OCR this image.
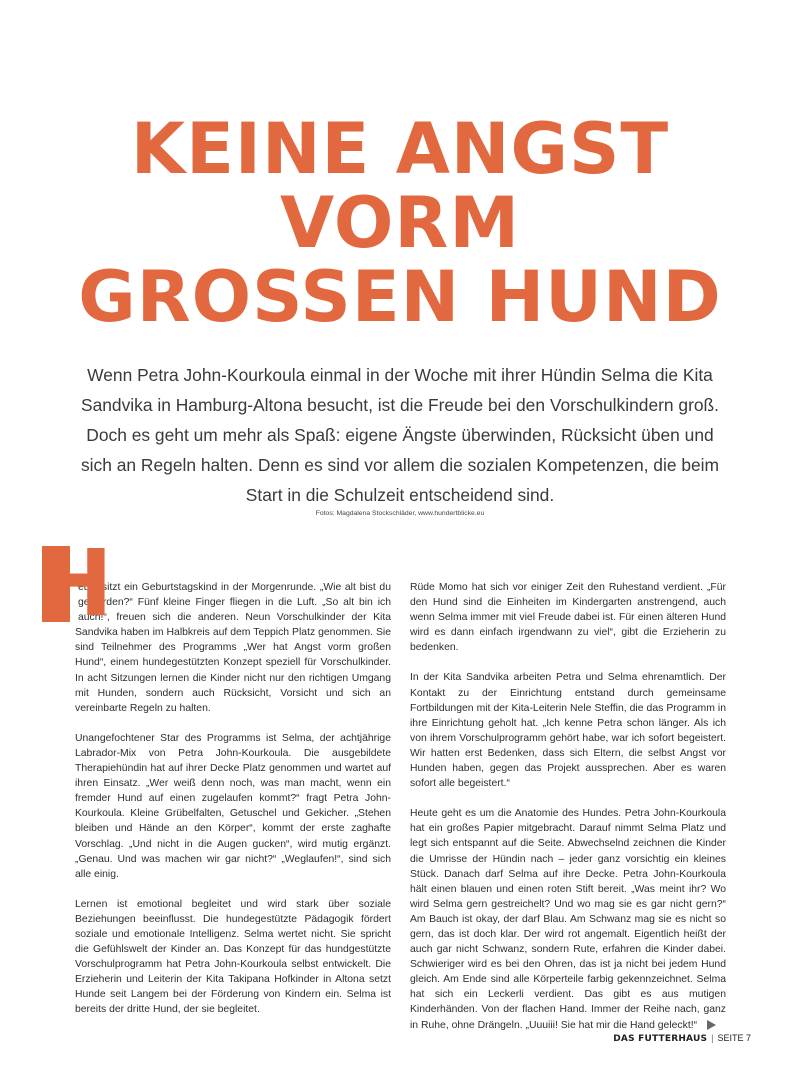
KEINE ANGST
VORM
GROSSEN HUND

Wenn Petra John-Kourkoula einmal in der Woche mit ihrer Hündin Selma die Kita Sandvika in Hamburg-Altona besucht, ist die Freude bei den Vorschulkindern groß. Doch es geht um mehr als Spaß: eigene Ängste überwinden, Rücksicht üben und sich an Regeln halten. Denn es sind vor allem die sozialen Kompetenzen, die beim Start in die Schulzeit entscheidend sind.

Fotos: Magdalena Stockschläder, www.hundertblicke.eu

H
eute sitzt ein Geburtstagskind in der Morgenrunde. „Wie alt bist du geworden?“ Fünf kleine Finger fliegen in die Luft. „So alt bin ich auch!“, freuen sich die anderen. Neun Vorschulkinder der Kita Sandvika haben im Halbkreis auf dem Teppich Platz genommen. Sie sind Teilnehmer des Programms „Wer hat Angst vorm großen Hund“, einem hundegestützten Konzept speziell für Vorschulkinder. In acht Sitzungen lernen die Kinder nicht nur den richtigen Umgang mit Hunden, sondern auch Rücksicht, Vorsicht und sich an vereinbarte Regeln zu halten.

Unangefochtener Star des Programms ist Selma, der achtjährige Labrador-Mix von Petra John-Kourkoula. Die ausgebildete Therapiehündin hat auf ihrer Decke Platz genommen und wartet auf ihren Einsatz. „Wer weiß denn noch, was man macht, wenn ein fremder Hund auf einen zugelaufen kommt?“ fragt Petra John-Kourkoula. Kleine Grübelfalten, Getuschel und Gekicher. „Stehen bleiben und Hände an den Körper“, kommt der erste zaghafte Vorschlag. „Und nicht in die Augen gucken“, wird mutig ergänzt. „Genau. Und was machen wir gar nicht?“ „Weglaufen!“, sind sich alle einig.

Lernen ist emotional begleitet und wird stark über soziale Beziehungen beeinflusst. Die hundegestützte Pädagogik fördert soziale und emotionale Intelligenz. Selma wertet nicht. Sie spricht die Gefühlswelt der Kinder an. Das Konzept für das hundgestützte Vorschulprogramm hat Petra John-Kourkoula selbst entwickelt. Die Erzieherin und Leiterin der Kita Takipana Hofkinder in Altona setzt Hunde seit Langem bei der Förderung von Kindern ein. Selma ist bereits der dritte Hund, der sie begleitet.

Rüde Momo hat sich vor einiger Zeit den Ruhestand verdient. „Für den Hund sind die Einheiten im Kindergarten anstrengend, auch wenn Selma immer mit viel Freude dabei ist. Für einen älteren Hund wird es dann einfach irgendwann zu viel“, gibt die Erzieherin zu bedenken.

In der Kita Sandvika arbeiten Petra und Selma ehrenamtlich. Der Kontakt zu der Einrichtung entstand durch gemeinsame Fortbildungen mit der Kita-Leiterin Nele Steffin, die das Programm in ihre Einrichtung geholt hat. „Ich kenne Petra schon länger. Als ich von ihrem Vorschulprogramm gehört habe, war ich sofort begeistert. Wir hatten erst Bedenken, dass sich Eltern, die selbst Angst vor Hunden haben, gegen das Projekt aussprechen. Aber es waren sofort alle begeistert.“

Heute geht es um die Anatomie des Hundes. Petra John-Kourkoula hat ein großes Papier mitgebracht. Darauf nimmt Selma Platz und legt sich entspannt auf die Seite. Abwechselnd zeichnen die Kinder die Umrisse der Hündin nach – jeder ganz vorsichtig ein kleines Stück. Danach darf Selma auf ihre Decke. Petra John-Kourkoula hält einen blauen und einen roten Stift bereit. „Was meint ihr? Wo wird Selma gern gestreichelt? Und wo mag sie es gar nicht gern?“ Am Bauch ist okay, der darf Blau. Am Schwanz mag sie es nicht so gern, das ist doch klar. Der wird rot angemalt. Eigentlich heißt der auch gar nicht Schwanz, sondern Rute, erfahren die Kinder dabei. Schwieriger wird es bei den Ohren, das ist ja nicht bei jedem Hund gleich. Am Ende sind alle Körperteile farbig gekennzeichnet. Selma hat sich ein Leckerli verdient. Das gibt es aus mutigen Kinderhänden. Von der flachen Hand. Immer der Reihe nach, ganz in Ruhe, ohne Drängeln. „Uuuiii! Sie hat mir die Hand geleckt!“

DAS FUTTERHAUS | SEITE 7
